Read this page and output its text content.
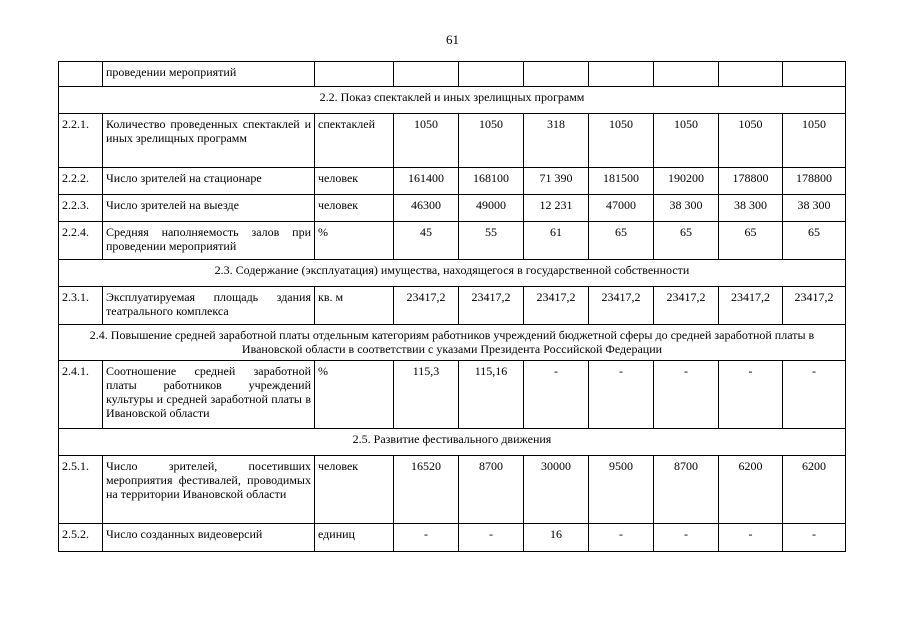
61
	проведении мероприятий								
2.2. Показ спектаклей и иных зрелищных программ									
2.2.1.	Количество проведенных спектаклей и иных зрелищных программ	спектаклей	1050	1050	318	1050	1050	1050	1050
2.2.2.	Число зрителей на стационаре	человек	161400	168100	71 390	181500	190200	178800	178800
2.2.3.	Число зрителей на выезде	человек	46300	49000	12 231	47000	38 300	38 300	38 300
2.2.4.	Средняя наполняемость залов при проведении мероприятий	%	45	55	61	65	65	65	65
2.3. Содержание (эксплуатация) имущества, находящегося в государственной собственности									
2.3.1.	Эксплуатируемая площадь здания театрального комплекса	кв. м	23417,2	23417,2	23417,2	23417,2	23417,2	23417,2	23417,2
2.4. Повышение средней заработной платы отдельным категориям работников учреждений бюджетной сферы до средней заработной платы в Ивановской области в соответствии с указами Президента Российской Федерации									
2.4.1.	Соотношение средней заработной платы работников учреждений культуры и средней заработной платы в Ивановской области	%	115,3	115,16	-	-	-	-	-
2.5. Развитие фестивального движения									
2.5.1.	Число зрителей, посетивших мероприятия фестивалей, проводимых на территории Ивановской области	человек	16520	8700	30000	9500	8700	6200	6200
2.5.2.	Число созданных видеоверсий	единиц	-	-	16	-	-	-	-
